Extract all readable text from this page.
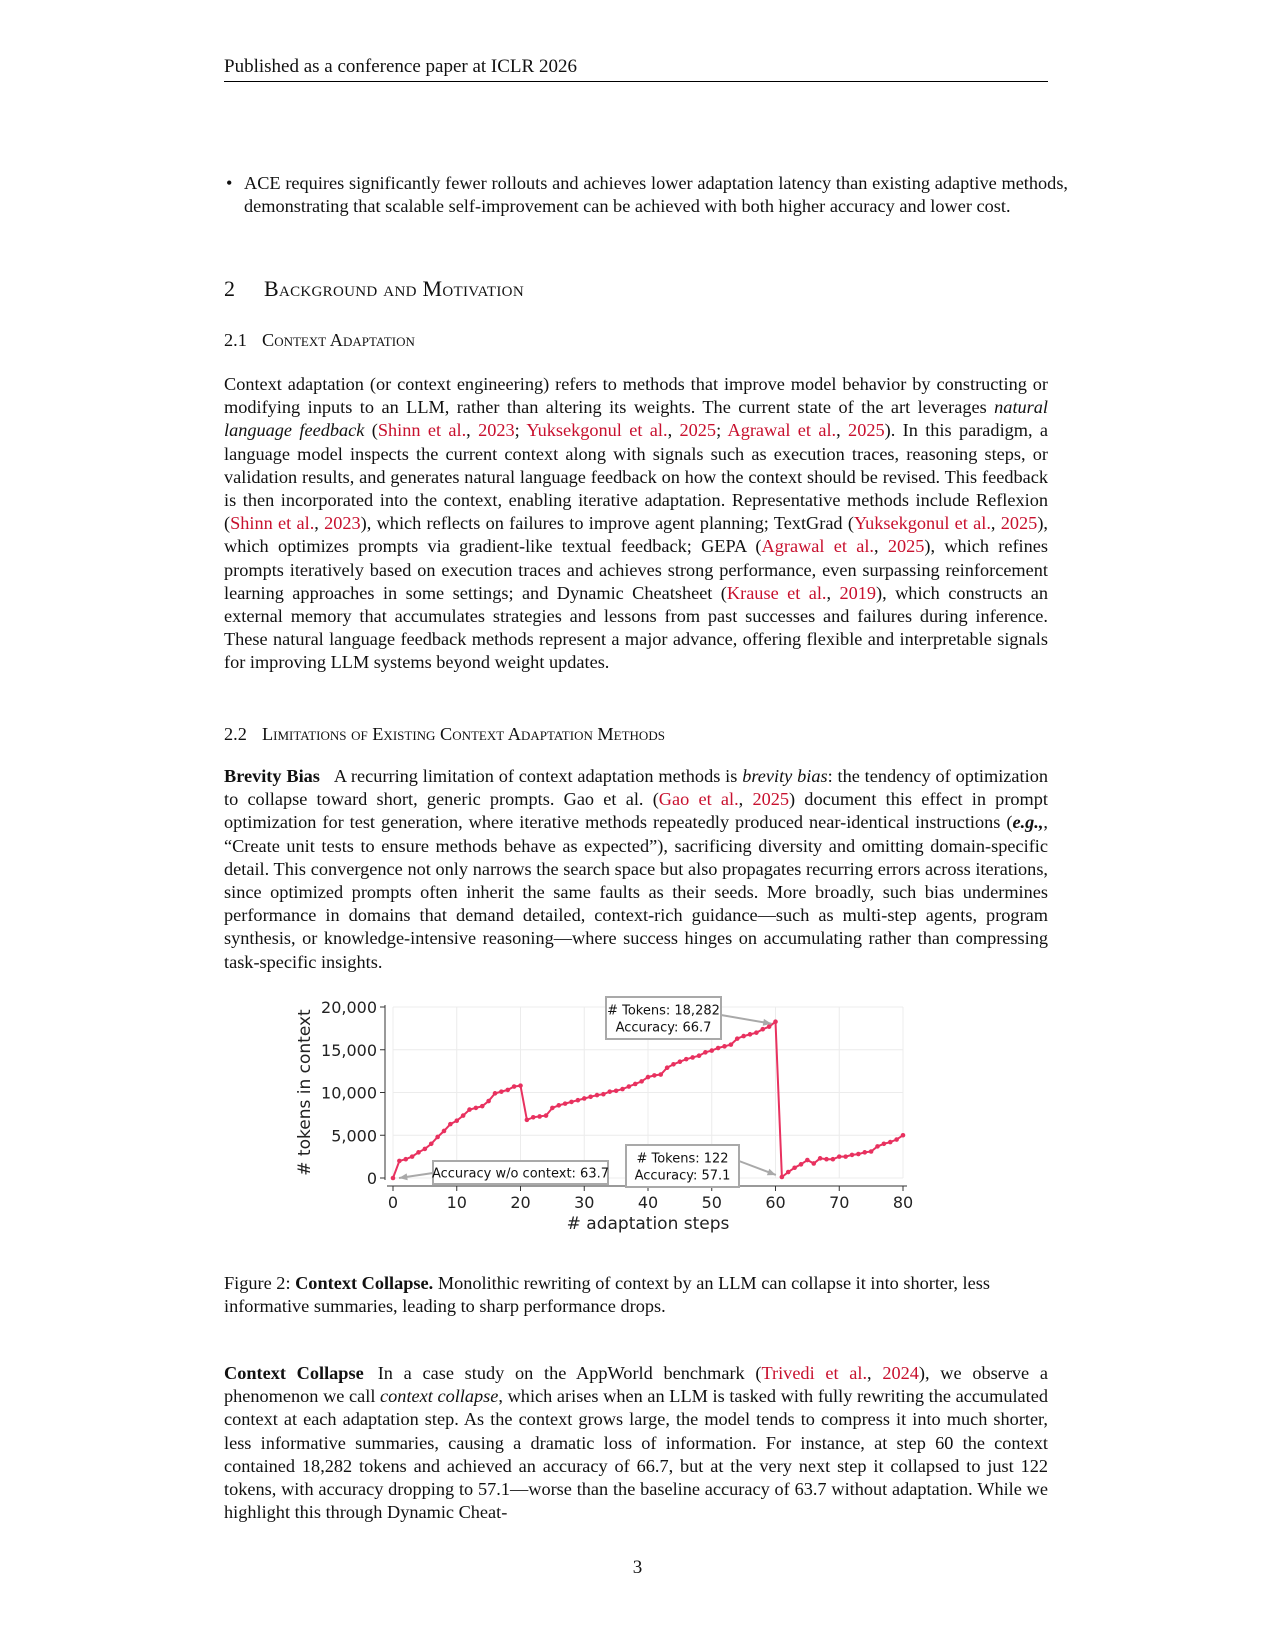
Published as a conference paper at ICLR 2026
• ACE requires significantly fewer rollouts and achieves lower adaptation latency than existing adaptive methods, demonstrating that scalable self-improvement can be achieved with both higher accuracy and lower cost.
2 Background and Motivation
2.1 Context Adaptation
Context adaptation (or context engineering) refers to methods that improve model behavior by constructing or modifying inputs to an LLM, rather than altering its weights. The current state of the art leverages natural language feedback (Shinn et al., 2023; Yuksekgonul et al., 2025; Agrawal et al., 2025). In this paradigm, a language model inspects the current context along with signals such as execution traces, reasoning steps, or validation results, and generates natural language feedback on how the context should be revised. This feedback is then incorporated into the context, enabling iterative adaptation. Representative methods include Reflexion (Shinn et al., 2023), which reflects on failures to improve agent planning; TextGrad (Yuksekgonul et al., 2025), which optimizes prompts via gradient-like textual feedback; GEPA (Agrawal et al., 2025), which refines prompts iteratively based on execution traces and achieves strong performance, even surpassing reinforcement learning approaches in some settings; and Dynamic Cheatsheet (Krause et al., 2019), which constructs an external memory that accumulates strategies and lessons from past successes and failures during inference. These natural language feedback methods represent a major advance, offering flexible and interpretable signals for improving LLM systems beyond weight updates.
2.2 Limitations of Existing Context Adaptation Methods
Brevity Bias A recurring limitation of context adaptation methods is brevity bias: the tendency of optimization to collapse toward short, generic prompts. Gao et al. (Gao et al., 2025) document this effect in prompt optimization for test generation, where iterative methods repeatedly produced near-identical instructions (e.g.,, “Create unit tests to ensure methods behave as expected”), sacrificing diversity and omitting domain-specific detail. This convergence not only narrows the search space but also propagates recurring errors across iterations, since optimized prompts often inherit the same faults as their seeds. More broadly, such bias undermines performance in domains that demand detailed, context-rich guidance—such as multi-step agents, program synthesis, or knowledge-intensive reasoning—where success hinges on accumulating rather than compressing task-specific insights.
0	10	20	30	40	50	60	70	80
0
5,000
10,000
15,000
20,000	# Tokens: 18,282
Accuracy: 66.7
Accuracy w/o context: 63.7
# Tokens: 122
Accuracy: 57.1
# adaptation steps
# tokens in context
Figure 2: Context Collapse. Monolithic rewriting of context by an LLM can collapse it into shorter, less informative summaries, leading to sharp performance drops.
Context Collapse In a case study on the AppWorld benchmark (Trivedi et al., 2024), we observe a phenomenon we call context collapse, which arises when an LLM is tasked with fully rewriting the accumulated context at each adaptation step. As the context grows large, the model tends to compress it into much shorter, less informative summaries, causing a dramatic loss of information. For instance, at step 60 the context contained 18,282 tokens and achieved an accuracy of 66.7, but at the very next step it collapsed to just 122 tokens, with accuracy dropping to 57.1—worse than the baseline accuracy of 63.7 without adaptation. While we highlight this through Dynamic Cheat-
3
